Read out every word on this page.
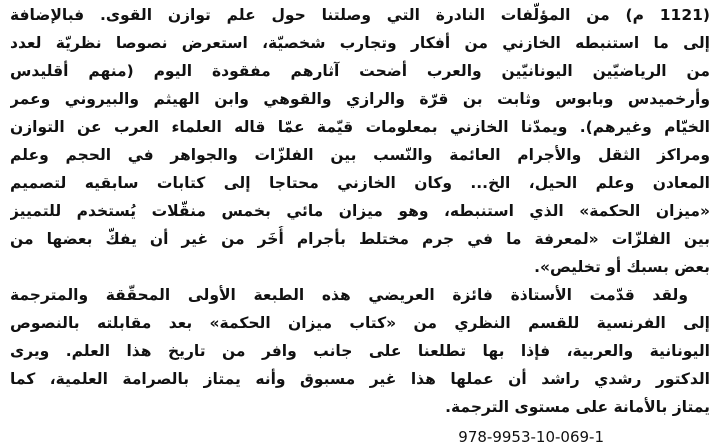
(1121 م) من المؤلّفات النادرة التي وصلتنا حول علم توازن القوى. فبالإضافة
إلى ما استنبطه الخازني من أفكار وتجارب شخصيّة، استعرض نصوصا نظريّة لعدد
من الرياضيّين اليونانيّين والعرب أضحت آثارهم مفقودة اليوم (منهم أقليدس
وأرخميدس وبابوس وثابت بن قرّة والرازي والقوهي وابن الهيثم والبيروني وعمر
الخيّام وغيرهم). ويمدّنا الخازني بمعلومات قيّمة عمّا قاله العلماء العرب عن التوازن
ومراكز الثقل والأجرام العائمة والنّسب بين الفلزّات والجواهر في الحجم وعلم
المعادن وعلم الحيل، الخ... وكان الخازني محتاجا إلى كتابات سابقيه لتصميم
«ميزان الحكمة» الذي استنبطه، وهو ميزان مائي بخمس منقّلات يُستخدم للتمييز
بين الفلزّات «لمعرفة ما في جرم مختلط بأجرام أُخَر من غير أن يفكّ بعضها من
بعض بسبك أو تخليص».
ولقد قدّمت الأستاذة فائزة العريضي هذه الطبعة الأولى المحقّقة والمترجمة
إلى الفرنسية للقسم النظري من «كتاب ميزان الحكمة» بعد مقابلته بالنصوص
اليونانية والعربية، فإذا بها تطلعنا على جانب وافر من تاريخ هذا العلم. ويرى
الدكتور رشدي راشد أن عملها هذا غير مسبوق وأنه يمتاز بالصرامة العلمية، كما
يمتاز بالأمانة على مستوى الترجمة.
978-9953-10-069-1
